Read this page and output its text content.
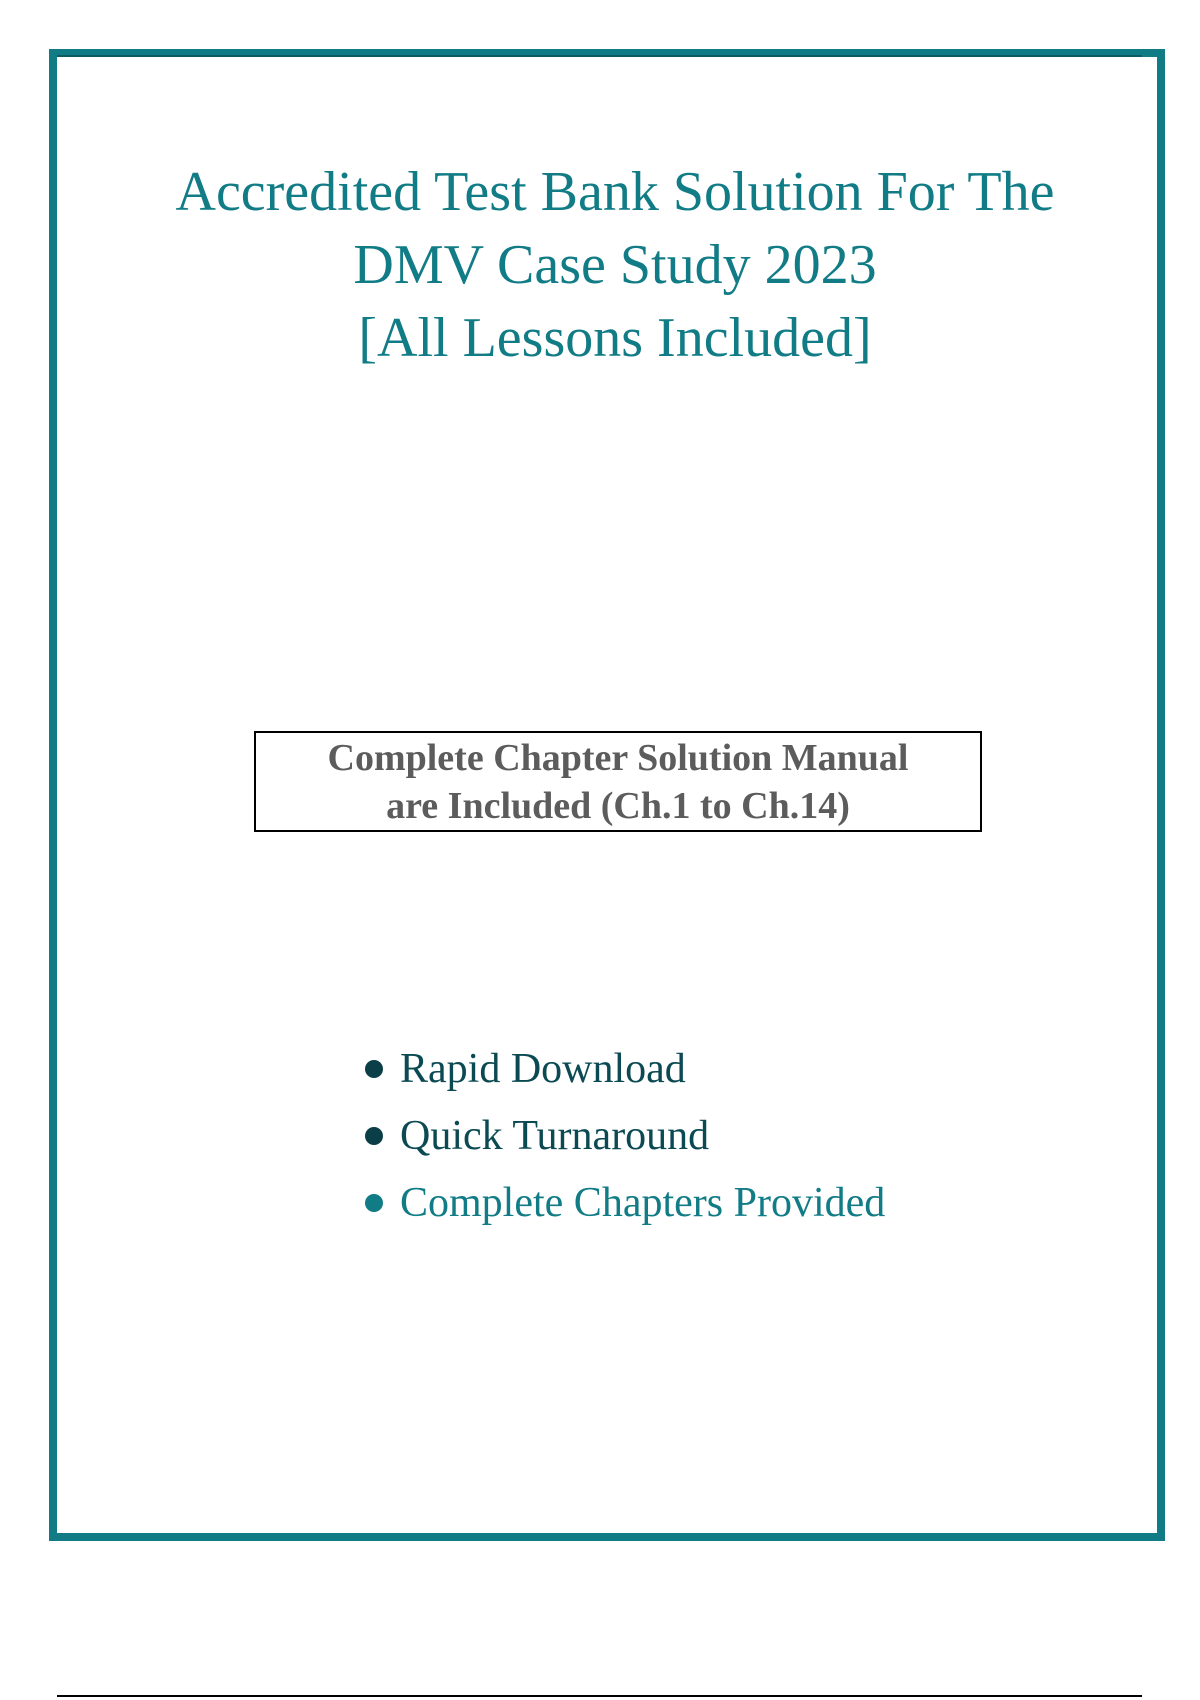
Accredited Test Bank Solution For The
DMV Case Study 2023
[All Lessons Included]
Complete Chapter Solution Manual
are Included (Ch.1 to Ch.14)
Rapid Download
Quick Turnaround
Complete Chapters Provided
